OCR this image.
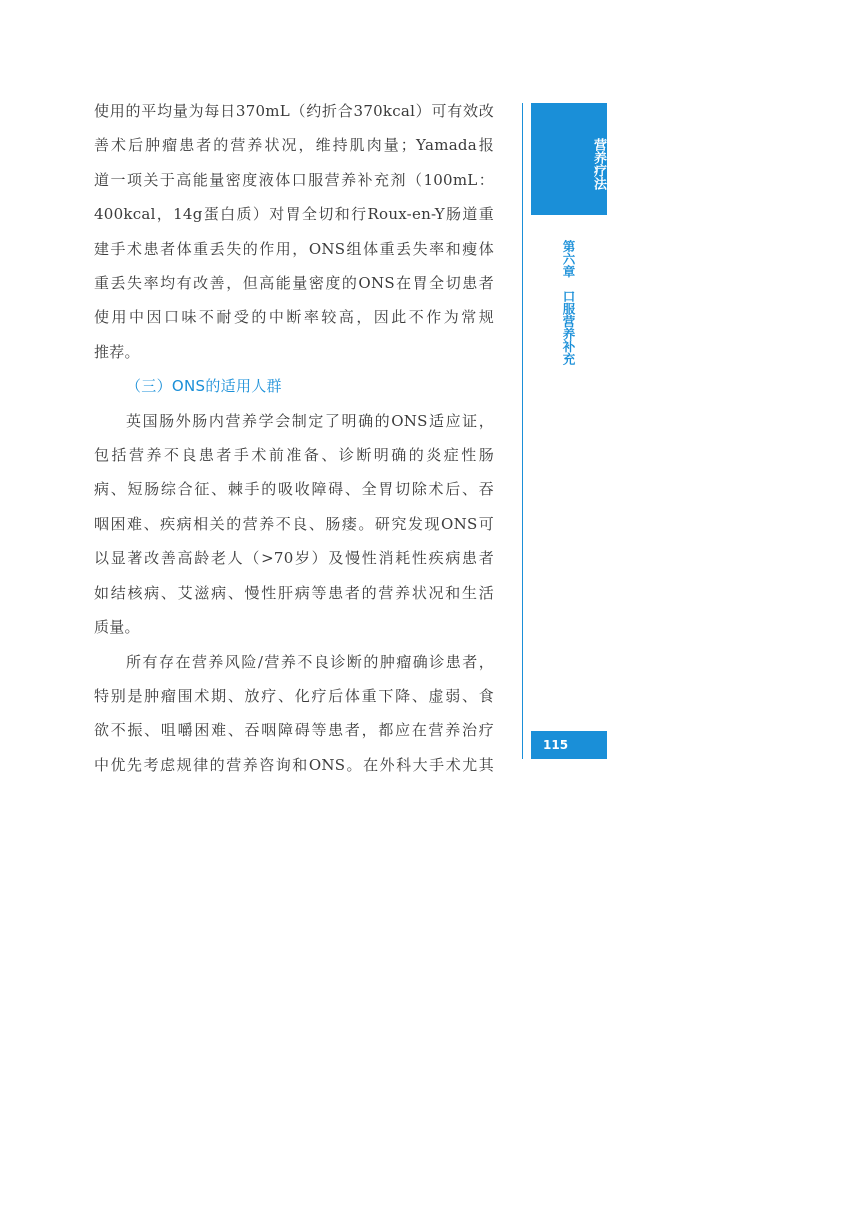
使用的平均量为每日370mL（约折合370kcal）可有效改
善术后肿瘤患者的营养状况，维持肌肉量；Yamada报
道一项关于高能量密度液体口服营养补充剂（100mL：
400kcal，14g蛋白质）对胃全切和行Roux-en-Y肠道重
建手术患者体重丢失的作用，ONS组体重丢失率和瘦体
重丢失率均有改善，但高能量密度的ONS在胃全切患者
使用中因口味不耐受的中断率较高，因此不作为常规
推荐。
（三）ONS的适用人群
英国肠外肠内营养学会制定了明确的ONS适应证，
包括营养不良患者手术前准备、诊断明确的炎症性肠
病、短肠综合征、棘手的吸收障碍、全胃切除术后、吞
咽困难、疾病相关的营养不良、肠瘘。研究发现ONS可
以显著改善高龄老人（>70岁）及慢性消耗性疾病患者
如结核病、艾滋病、慢性肝病等患者的营养状况和生活
质量。
所有存在营养风险/营养不良诊断的肿瘤确诊患者，
特别是肿瘤围术期、放疗、化疗后体重下降、虚弱、食
欲不振、咀嚼困难、吞咽障碍等患者，都应在营养治疗
中优先考虑规律的营养咨询和ONS。在外科大手术尤其
营养疗法
第六章　口服营养补充
115
